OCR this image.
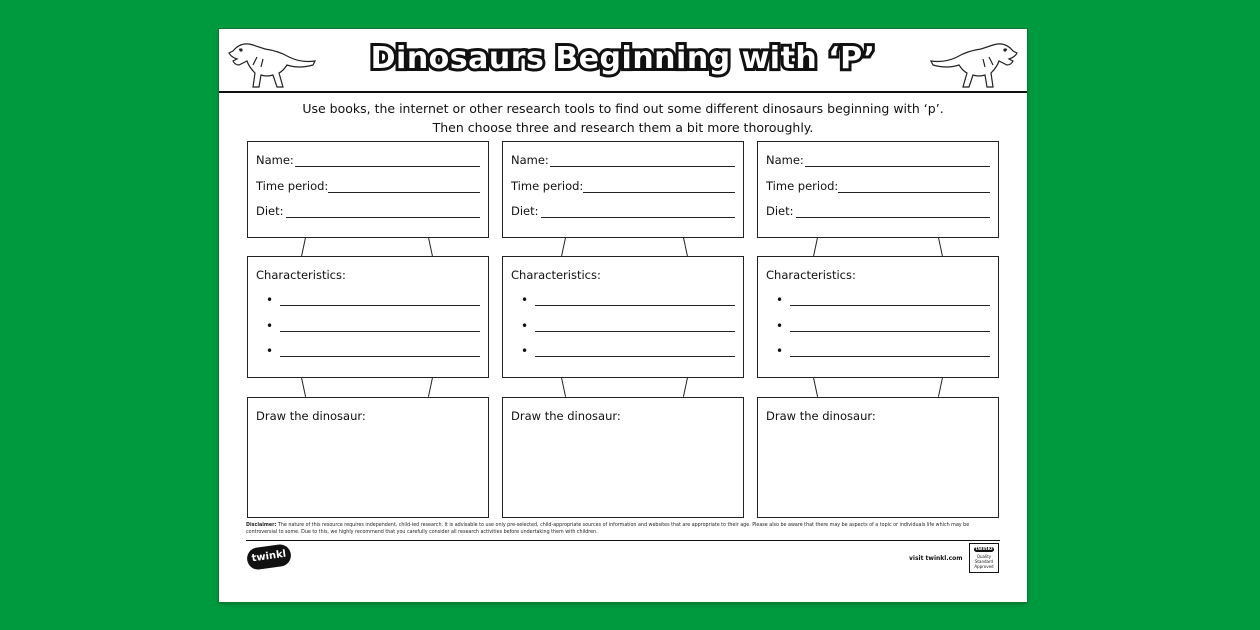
Dinosaurs Beginning with ‘P’
Use books, the internet or other research tools to find out some different dinosaurs beginning with ‘p’.
Then choose three and research them a bit more thoroughly.
Name:
Time period:
Diet:
Characteristics:
•
•
•
Draw the dinosaur:
Name:
Time period:
Diet:
Characteristics:
•
•
•
Draw the dinosaur:
Name:
Time period:
Diet:
Characteristics:
•
•
•
Draw the dinosaur:
Disclaimer: The nature of this resource requires independent, child-led research. It is advisable to use only pre-selected, child-appropriate sources of information and websites that are appropriate to their age. Please also be aware that there may be aspects of a topic or individuals life which may be controversial to some. Due to this, we highly recommend that you carefully consider all research activities before undertaking them with children.
twinkl	visit twinkl.com
twinkl
Quality Standard Approved
